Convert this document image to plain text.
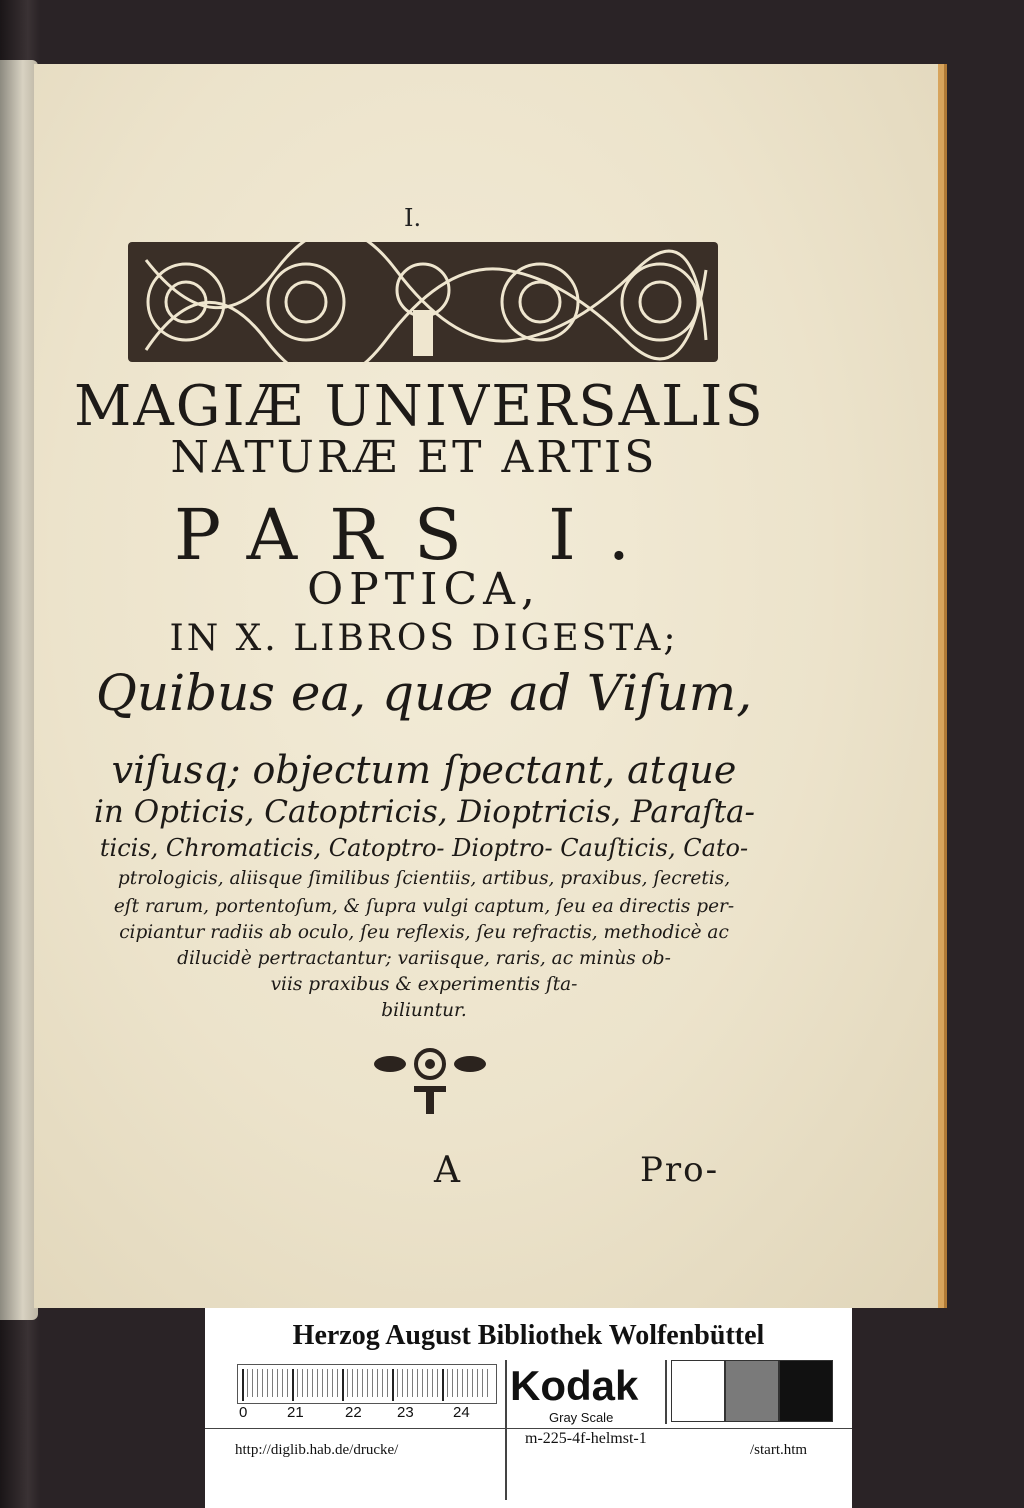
I.
MAGIÆ UNIVERSALIS
NATURÆ ET ARTIS
PARS I.
OPTICA,
IN X. LIBROS DIGESTA;
Quibus ea, quæ ad Viſum,
viſusq; objectum ſpectant, atque
in Opticis, Catoptricis, Dioptricis, Paraſta-
ticis, Chromaticis, Catoptro- Dioptro- Cauſticis, Cato-
ptrologicis, aliisque ſimilibus ſcientiis, artibus, praxibus, ſecretis,
eſt rarum, portentoſum, & ſupra vulgi captum, ſeu ea directis per-
cipiantur radiis ab oculo, ſeu reflexis, ſeu refractis, methodicè ac
dilucidè pertractantur; variisque, raris, ac minùs ob-
viis praxibus & experimentis ſta-
biliuntur.
A	Pro-
Herzog August Bibliothek Wolfenbüttel
0	21	22 23	24
Kodak
Gray Scale
http://diglib.hab.de/drucke/
m-225-4f-helmst-1
/start.htm
